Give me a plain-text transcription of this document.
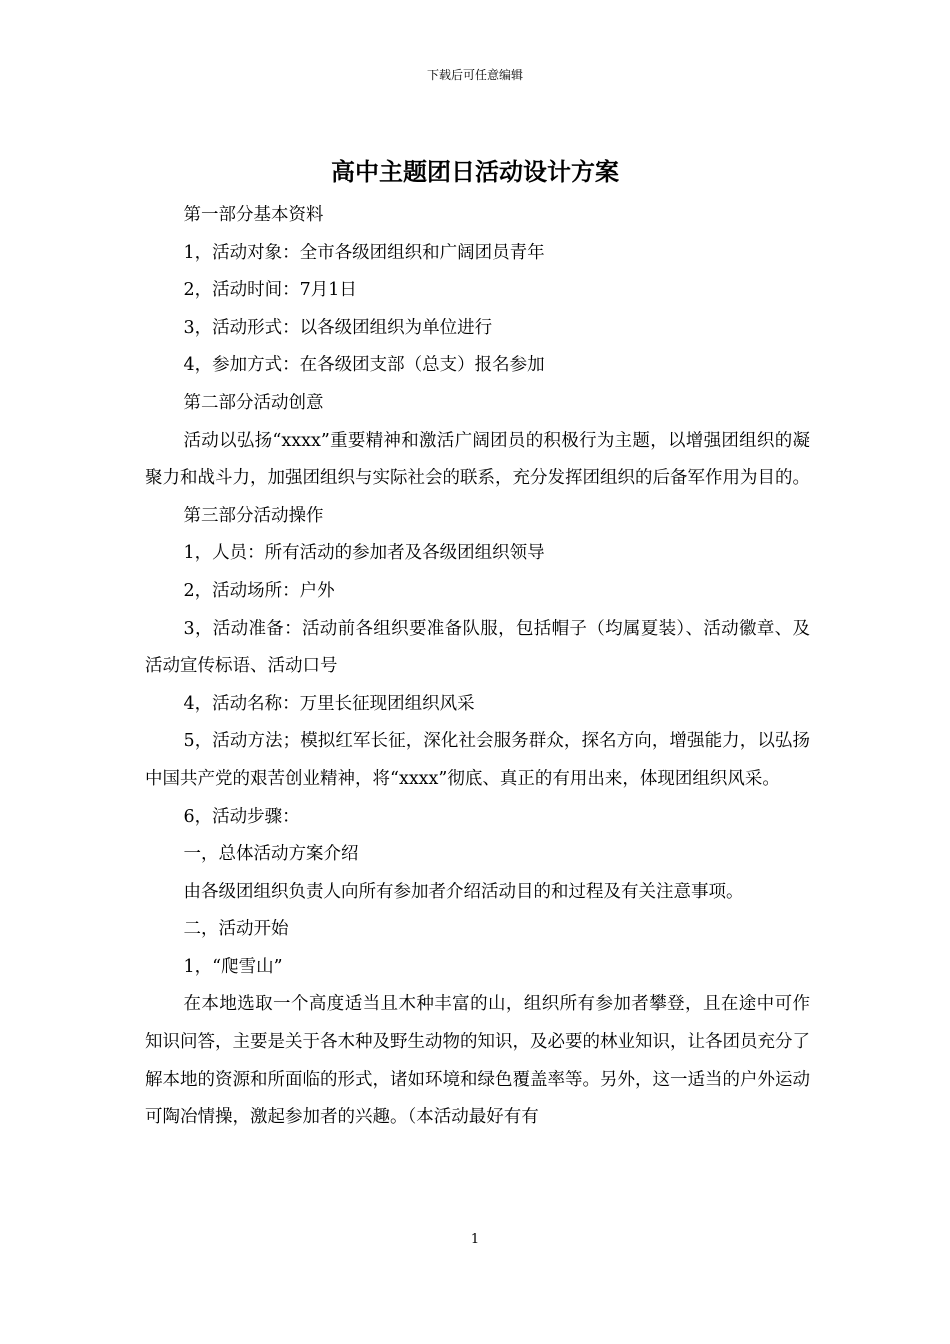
下载后可任意编辑
高中主题团日活动设计方案

第一部分基本资料

1，活动对象：全市各级团组织和广阔团员青年

2，活动时间：7月1日

3，活动形式：以各级团组织为单位进行

4，参加方式：在各级团支部（总支）报名参加

第二部分活动创意

活动以弘扬“xxxx”重要精神和激活广阔团员的积极行为主题，以增强团组织的凝聚力和战斗力，加强团组织与实际社会的联系，充分发挥团组织的后备军作用为目的。

第三部分活动操作

1，人员：所有活动的参加者及各级团组织领导

2，活动场所：户外

3，活动准备：活动前各组织要准备队服，包括帽子（均属夏装）、活动徽章、及活动宣传标语、活动口号

4，活动名称：万里长征现团组织风采

5，活动方法；模拟红军长征，深化社会服务群众，探名方向，增强能力，以弘扬中国共产党的艰苦创业精神，将“xxxx”彻底、真正的有用出来，体现团组织风采。

6，活动步骤：

一，总体活动方案介绍

由各级团组织负责人向所有参加者介绍活动目的和过程及有关注意事项。

二，活动开始

1，“爬雪山”

在本地选取一个高度适当且木种丰富的山，组织所有参加者攀登，且在途中可作知识问答，主要是关于各木种及野生动物的知识，及必要的林业知识，让各团员充分了解本地的资源和所面临的形式，诸如环境和绿色覆盖率等。另外，这一适当的户外运动可陶冶情操，激起参加者的兴趣。（本活动最好有有

1
